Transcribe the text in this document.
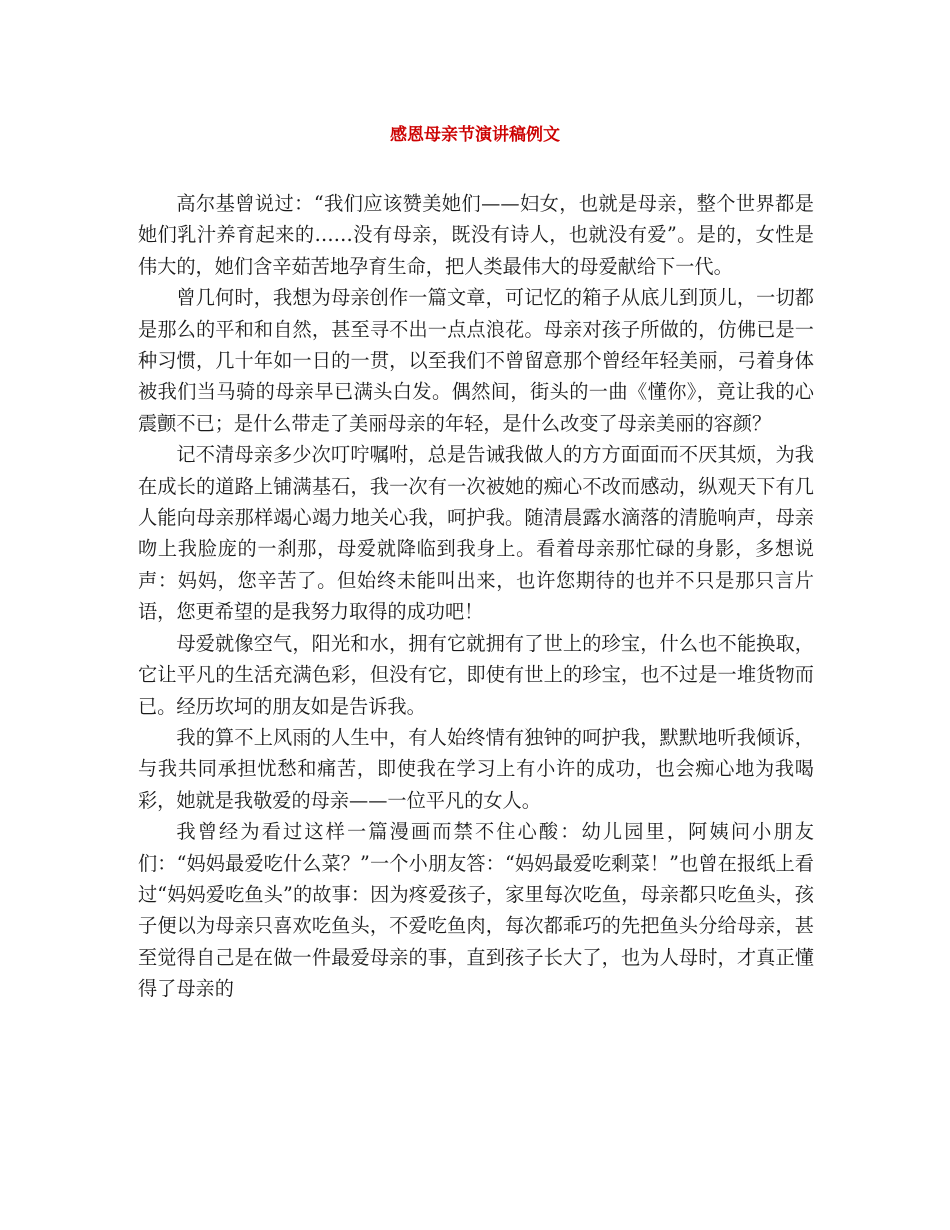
感恩母亲节演讲稿例文

高尔基曾说过：“我们应该赞美她们——妇女，也就是母亲，整个世界都是她们乳汁养育起来的……没有母亲，既没有诗人，也就没有爱”。是的，女性是伟大的，她们含辛茹苦地孕育生命，把人类最伟大的母爱献给下一代。

曾几何时，我想为母亲创作一篇文章，可记忆的箱子从底儿到顶儿，一切都是那么的平和和自然，甚至寻不出一点点浪花。母亲对孩子所做的，仿佛已是一种习惯，几十年如一日的一贯，以至我们不曾留意那个曾经年轻美丽，弓着身体被我们当马骑的母亲早已满头白发。偶然间，街头的一曲《懂你》，竟让我的心震颤不已；是什么带走了美丽母亲的年轻，是什么改变了母亲美丽的容颜？

记不清母亲多少次叮咛嘱咐，总是告诫我做人的方方面面而不厌其烦，为我在成长的道路上铺满基石，我一次有一次被她的痴心不改而感动，纵观天下有几人能向母亲那样竭心竭力地关心我，呵护我。随清晨露水滴落的清脆响声，母亲吻上我脸庞的一刹那，母爱就降临到我身上。看着母亲那忙碌的身影，多想说声：妈妈，您辛苦了。但始终未能叫出来，也许您期待的也并不只是那只言片语，您更希望的是我努力取得的成功吧！

母爱就像空气，阳光和水，拥有它就拥有了世上的珍宝，什么也不能换取，它让平凡的生活充满色彩，但没有它，即使有世上的珍宝，也不过是一堆货物而已。经历坎坷的朋友如是告诉我。

我的算不上风雨的人生中，有人始终情有独钟的呵护我，默默地听我倾诉，与我共同承担忧愁和痛苦，即使我在学习上有小许的成功，也会痴心地为我喝彩，她就是我敬爱的母亲——一位平凡的女人。

我曾经为看过这样一篇漫画而禁不住心酸：幼儿园里，阿姨问小朋友们：“妈妈最爱吃什么菜？”一个小朋友答：“妈妈最爱吃剩菜！”也曾在报纸上看过“妈妈爱吃鱼头”的故事：因为疼爱孩子，家里每次吃鱼，母亲都只吃鱼头，孩子便以为母亲只喜欢吃鱼头，不爱吃鱼肉，每次都乖巧的先把鱼头分给母亲，甚至觉得自己是在做一件最爱母亲的事，直到孩子长大了，也为人母时，才真正懂得了母亲的
